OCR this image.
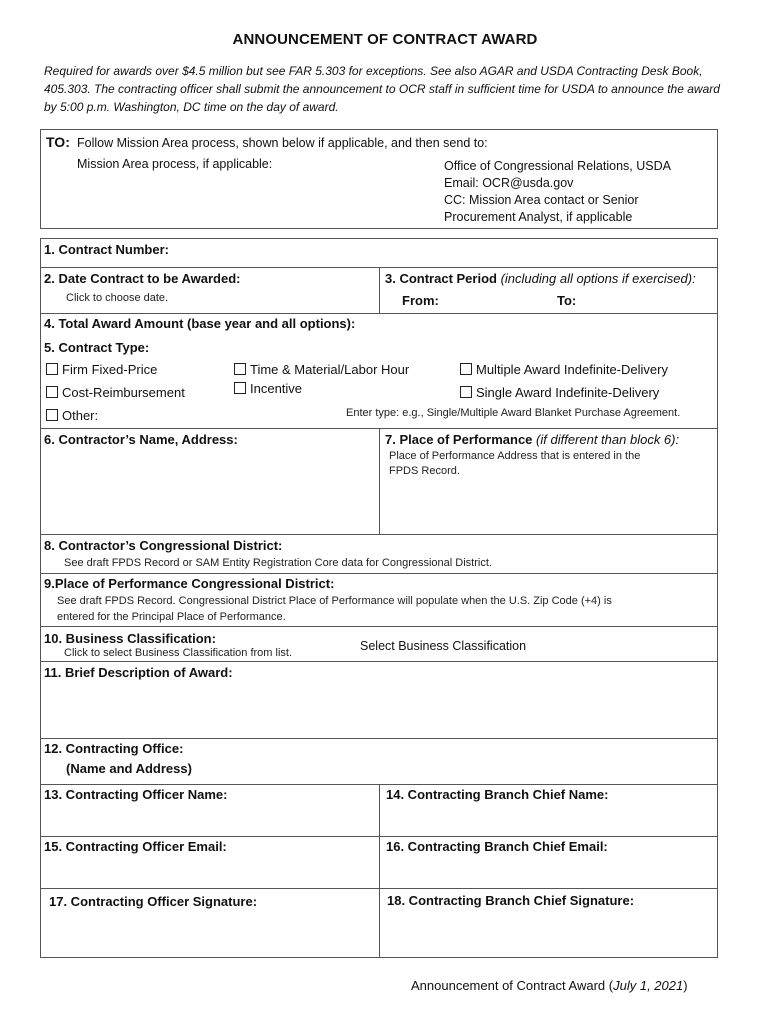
ANNOUNCEMENT OF CONTRACT AWARD
Required for awards over $4.5 million but see FAR 5.303 for exceptions. See also AGAR and USDA Contracting Desk Book, 405.303. The contracting officer shall submit the announcement to OCR staff in sufficient time for USDA to announce the award by 5:00 p.m. Washington, DC time on the day of award.
TO: Follow Mission Area process, shown below if applicable, and then send to:
Mission Area process, if applicable:	Office of Congressional Relations, USDA
Email: OCR@usda.gov
CC: Mission Area contact or Senior
Procurement Analyst, if applicable
1. Contract Number:
2. Date Contract to be Awarded:
Click to choose date.
3. Contract Period (including all options if exercised):
From:	To:
4. Total Award Amount (base year and all options):
5. Contract Type:
Firm Fixed-Price
Cost-Reimbursement
Other:
Time & Material/Labor Hour
Incentive
Multiple Award Indefinite-Delivery
Single Award Indefinite-Delivery
Enter type: e.g., Single/Multiple Award Blanket Purchase Agreement.
6. Contractor’s Name, Address:	7. Place of Performance (if different than block 6):
Place of Performance Address that is entered in the
FPDS Record.
8. Contractor’s Congressional District:
See draft FPDS Record or SAM Entity Registration Core data for Congressional District.
9.Place of Performance Congressional District:
See draft FPDS Record. Congressional District Place of Performance will populate when the U.S. Zip Code (+4) is
entered for the Principal Place of Performance.
10. Business Classification:
Click to select Business Classification from list.	Select Business Classification
11. Brief Description of Award:
12. Contracting Office:
(Name and Address)
13. Contracting Officer Name:	14. Contracting Branch Chief Name:
15. Contracting Officer Email:	16. Contracting Branch Chief Email:
17. Contracting Officer Signature:	18. Contracting Branch Chief Signature:
Announcement of Contract Award (July 1, 2021)
